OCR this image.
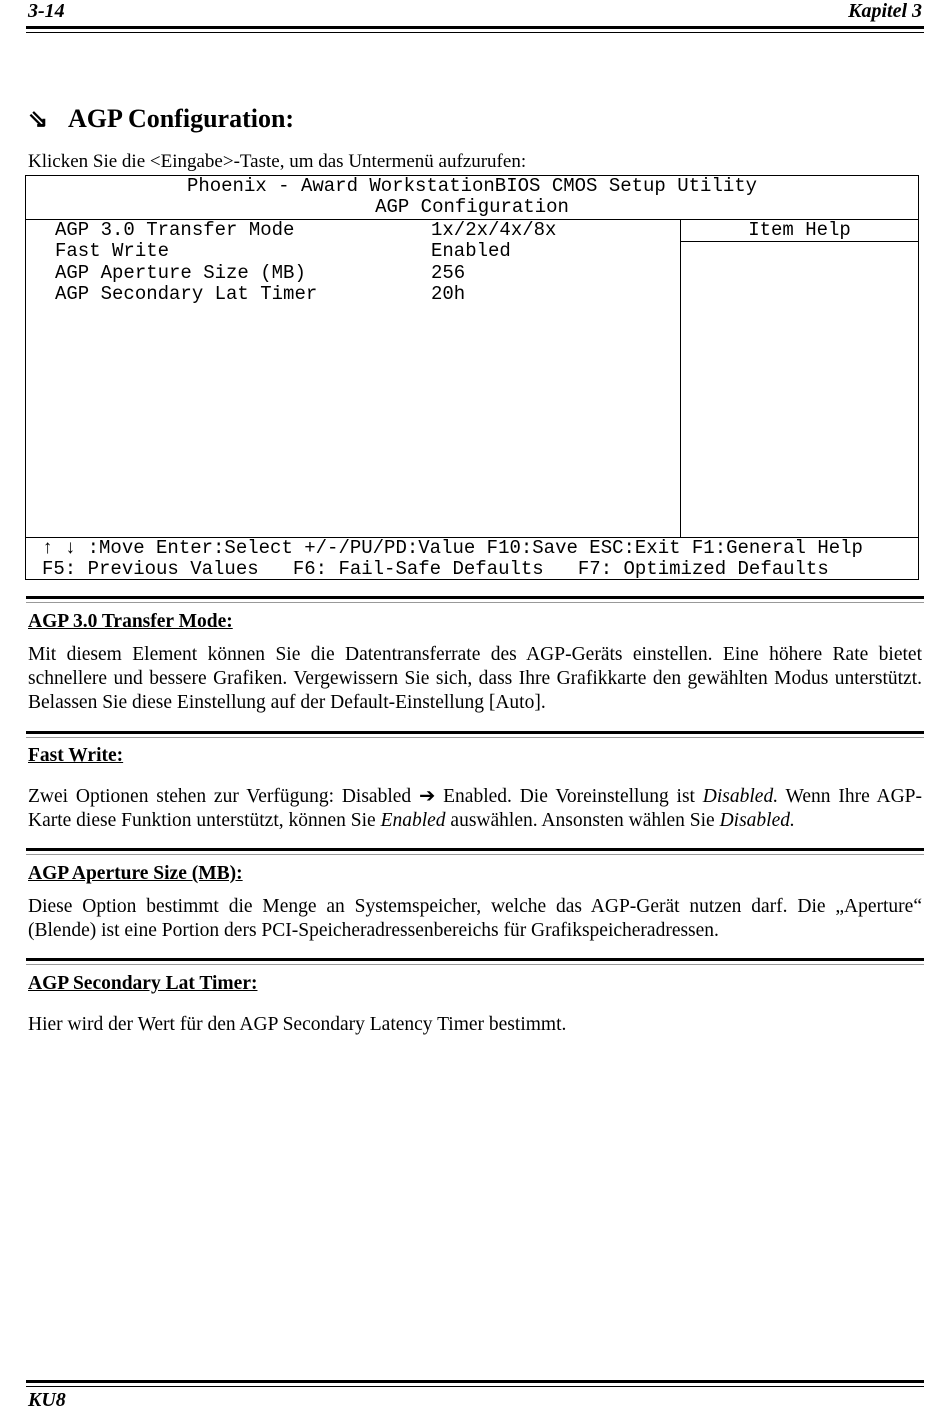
3-14	Kapitel 3
⇘ AGP Configuration:
Klicken Sie die <Eingabe>-Taste, um das Untermenü aufzurufen:
Phoenix - Award WorkstationBIOS CMOS Setup Utility
AGP Configuration
Item Help
AGP 3.0 Transfer Mode	1x/2x/4x/8x
Fast Write	Enabled
AGP Aperture Size (MB)	256
AGP Secondary Lat Timer	20h
↑ ↓ :Move Enter:Select +/-/PU/PD:Value F10:Save ESC:Exit F1:General Help
F5: Previous Values   F6: Fail-Safe Defaults   F7: Optimized Defaults
AGP 3.0 Transfer Mode:
Mit diesem Element können Sie die Datentransferrate des AGP-Geräts einstellen. Eine höhere Rate bietet schnellere und bessere Grafiken. Vergewissern Sie sich, dass Ihre Grafikkarte den gewählten Modus unterstützt. Belassen Sie diese Einstellung auf der Default-Einstellung [Auto].
Fast Write:
Zwei Optionen stehen zur Verfügung: Disabled ➔ Enabled. Die Voreinstellung ist Disabled. Wenn Ihre AGP-Karte diese Funktion unterstützt, können Sie Enabled auswählen. Ansonsten wählen Sie Disabled.
AGP Aperture Size (MB):
Diese Option bestimmt die Menge an Systemspeicher, welche das AGP-Gerät nutzen darf. Die „Aperture“ (Blende) ist eine Portion ders PCI-Speicheradressenbereichs für Grafikspeicheradressen.
AGP Secondary Lat Timer:
Hier wird der Wert für den AGP Secondary Latency Timer bestimmt.
KU8
